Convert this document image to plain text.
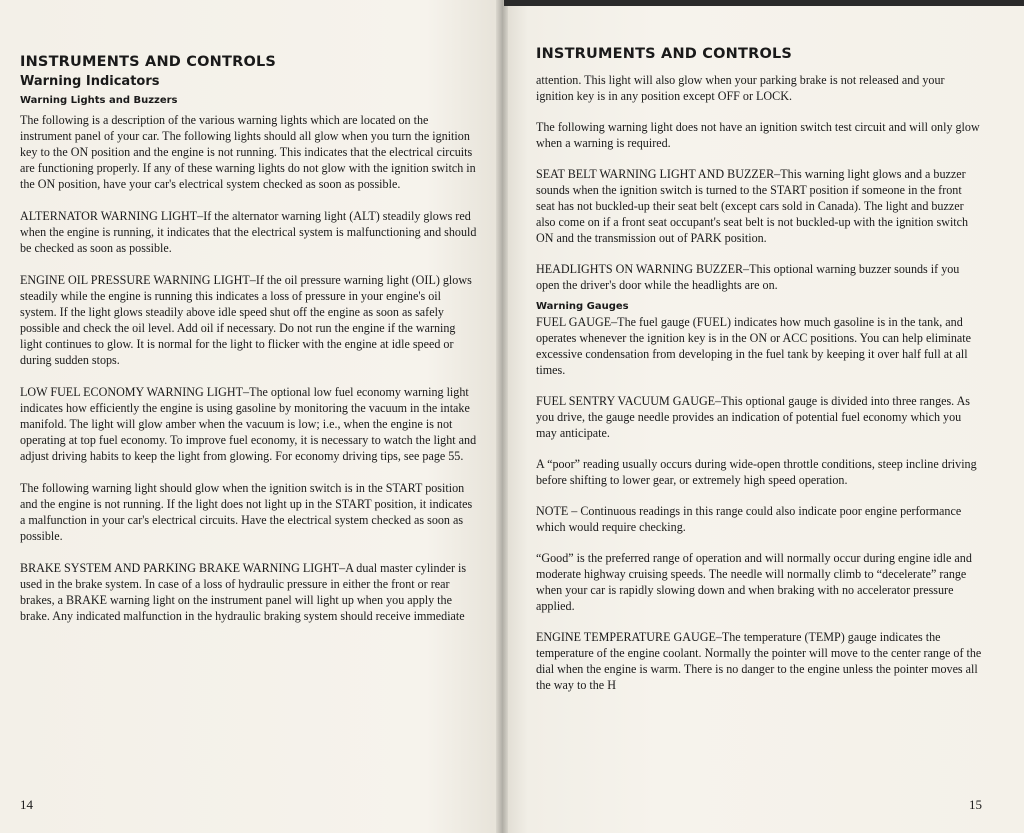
INSTRUMENTS AND CONTROLS
Warning Indicators
Warning Lights and Buzzers

The following is a description of the various warning lights which are located on the instrument panel of your car. The following lights should all glow when you turn the ignition key to the ON position and the engine is not running. This indicates that the electrical circuits are functioning properly. If any of these warning lights do not glow with the ignition switch in the ON position, have your car's electrical system checked as soon as possible.

ALTERNATOR WARNING LIGHT–If the alternator warning light (ALT) steadily glows red when the engine is running, it indicates that the electrical system is malfunctioning and should be checked as soon as possible.

ENGINE OIL PRESSURE WARNING LIGHT–If the oil pressure warning light (OIL) glows steadily while the engine is running this indicates a loss of pressure in your engine's oil system. If the light glows steadily above idle speed shut off the engine as soon as safely possible and check the oil level. Add oil if necessary. Do not run the engine if the warning light continues to glow. It is normal for the light to flicker with the engine at idle speed or during sudden stops.

LOW FUEL ECONOMY WARNING LIGHT–The optional low fuel economy warning light indicates how efficiently the engine is using gasoline by monitoring the vacuum in the intake manifold. The light will glow amber when the vacuum is low; i.e., when the engine is not operating at top fuel economy. To improve fuel economy, it is necessary to watch the light and adjust driving habits to keep the light from glowing. For economy driving tips, see page 55.

The following warning light should glow when the ignition switch is in the START position and the engine is not running. If the light does not light up in the START position, it indicates a malfunction in your car's electrical circuits. Have the electrical system checked as soon as possible.

BRAKE SYSTEM AND PARKING BRAKE WARNING LIGHT–A dual master cylinder is used in the brake system. In case of a loss of hydraulic pressure in either the front or rear brakes, a BRAKE warning light on the instrument panel will light up when you apply the brake. Any indicated malfunction in the hydraulic braking system should receive immediate

14
INSTRUMENTS AND CONTROLS

attention. This light will also glow when your parking brake is not released and your ignition key is in any position except OFF or LOCK.

The following warning light does not have an ignition switch test circuit and will only glow when a warning is required.

SEAT BELT WARNING LIGHT AND BUZZER–This warning light glows and a buzzer sounds when the ignition switch is turned to the START position if someone in the front seat has not buckled-up their seat belt (except cars sold in Canada). The light and buzzer also come on if a front seat occupant's seat belt is not buckled-up with the ignition switch ON and the transmission out of PARK position.

HEADLIGHTS ON WARNING BUZZER–This optional warning buzzer sounds if you open the driver's door while the headlights are on.

Warning Gauges

FUEL GAUGE–The fuel gauge (FUEL) indicates how much gasoline is in the tank, and operates whenever the ignition key is in the ON or ACC positions. You can help eliminate excessive condensation from developing in the fuel tank by keeping it over half full at all times.

FUEL SENTRY VACUUM GAUGE–This optional gauge is divided into three ranges. As you drive, the gauge needle provides an indication of potential fuel economy which you may anticipate.

A “poor” reading usually occurs during wide-open throttle conditions, steep incline driving before shifting to lower gear, or extremely high speed operation.

NOTE – Continuous readings in this range could also indicate poor engine performance which would require checking.

“Good” is the preferred range of operation and will normally occur during engine idle and moderate highway cruising speeds. The needle will normally climb to “decelerate” range when your car is rapidly slowing down and when braking with no accelerator pressure applied.

ENGINE TEMPERATURE GAUGE–The temperature (TEMP) gauge indicates the temperature of the engine coolant. Normally the pointer will move to the center range of the dial when the engine is warm. There is no danger to the engine unless the pointer moves all the way to the H

15
